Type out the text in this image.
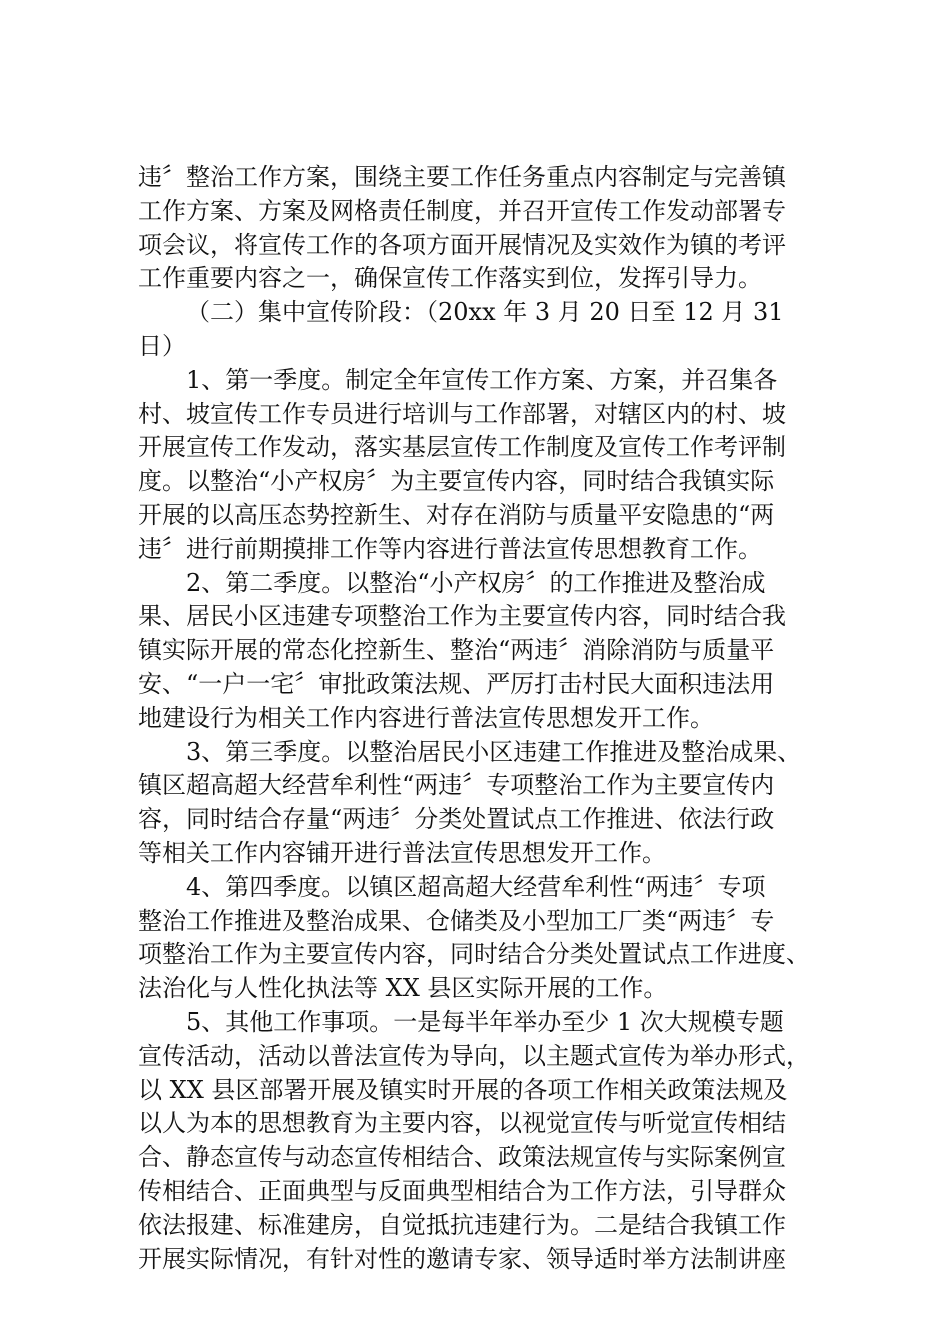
违〞整治工作方案，围绕主要工作任务重点内容制定与完善镇
工作方案、方案及网格责任制度，并召开宣传工作发动部署专
项会议，将宣传工作的各项方面开展情况及实效作为镇的考评
工作重要内容之一，确保宣传工作落实到位，发挥引导力。
（二）集中宣传阶段：（20xx 年 3 月 20 日至 12 月 31
日）
1、第一季度。制定全年宣传工作方案、方案，并召集各
村、坡宣传工作专员进行培训与工作部署，对辖区内的村、坡
开展宣传工作发动，落实基层宣传工作制度及宣传工作考评制
度。以整治“小产权房〞为主要宣传内容，同时结合我镇实际
开展的以高压态势控新生、对存在消防与质量平安隐患的“两
违〞进行前期摸排工作等内容进行普法宣传思想教育工作。
2、第二季度。以整治“小产权房〞的工作推进及整治成
果、居民小区违建专项整治工作为主要宣传内容，同时结合我
镇实际开展的常态化控新生、整治“两违〞消除消防与质量平
安、“一户一宅〞审批政策法规、严厉打击村民大面积违法用
地建设行为相关工作内容进行普法宣传思想发开工作。
3、第三季度。以整治居民小区违建工作推进及整治成果、
镇区超高超大经营牟利性“两违〞专项整治工作为主要宣传内
容，同时结合存量“两违〞分类处置试点工作推进、依法行政
等相关工作内容铺开进行普法宣传思想发开工作。
4、第四季度。以镇区超高超大经营牟利性“两违〞专项
整治工作推进及整治成果、仓储类及小型加工厂类“两违〞专
项整治工作为主要宣传内容，同时结合分类处置试点工作进度、
法治化与人性化执法等 XX 县区实际开展的工作。
5、其他工作事项。一是每半年举办至少 1 次大规模专题
宣传活动，活动以普法宣传为导向，以主题式宣传为举办形式，
以 XX 县区部署开展及镇实时开展的各项工作相关政策法规及
以人为本的思想教育为主要内容，以视觉宣传与听觉宣传相结
合、静态宣传与动态宣传相结合、政策法规宣传与实际案例宣
传相结合、正面典型与反面典型相结合为工作方法，引导群众
依法报建、标准建房，自觉抵抗违建行为。二是结合我镇工作
开展实际情况，有针对性的邀请专家、领导适时举方法制讲座
